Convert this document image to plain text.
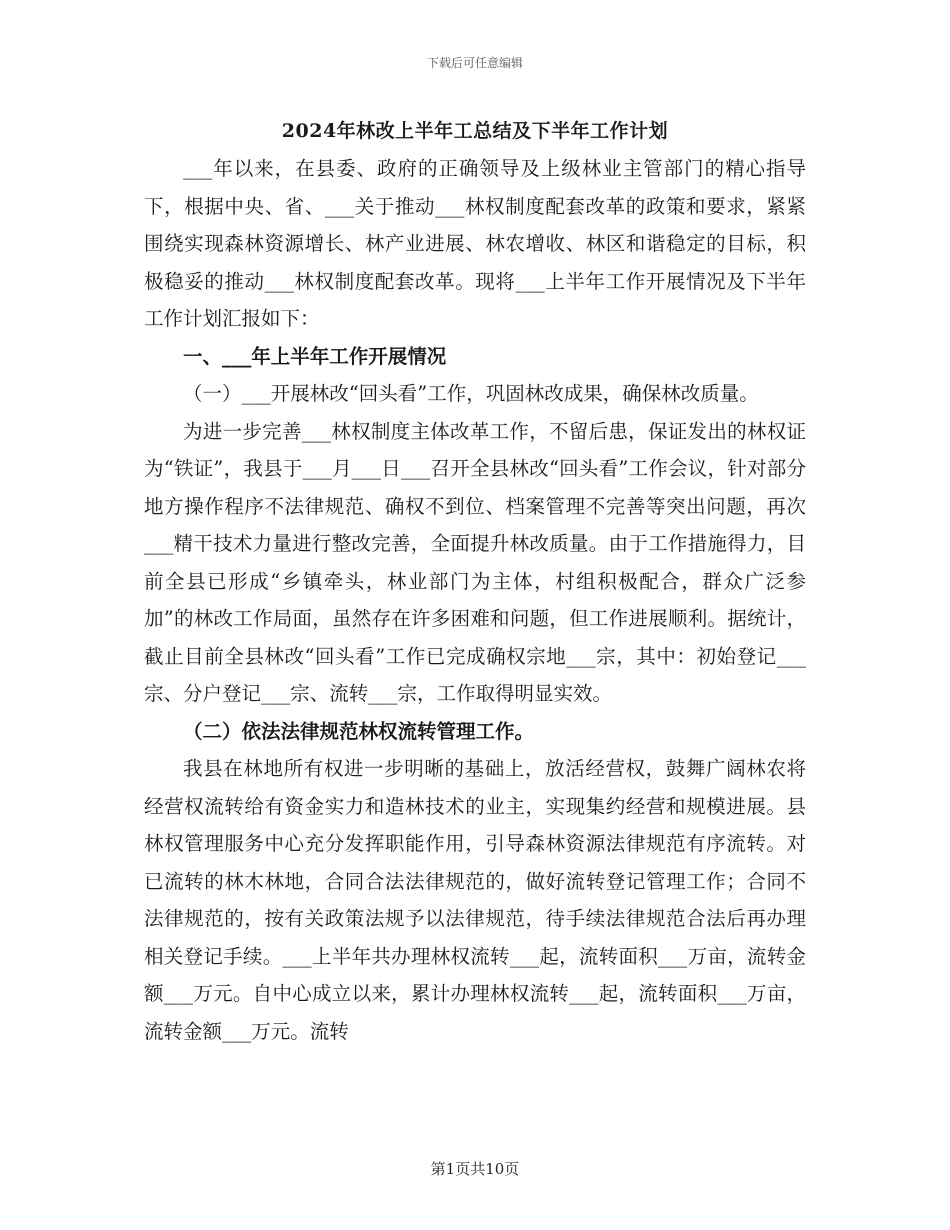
下载后可任意编辑
2024年林改上半年工总结及下半年工作计划

___年以来，在县委、政府的正确领导及上级林业主管部门的精心指导下，根据中央、省、___关于推动___林权制度配套改革的政策和要求，紧紧围绕实现森林资源增长、林产业进展、林农增收、林区和谐稳定的目标，积极稳妥的推动___林权制度配套改革。现将___上半年工作开展情况及下半年工作计划汇报如下：

一、___年上半年工作开展情况

（一）___开展林改“回头看”工作，巩固林改成果，确保林改质量。

为进一步完善___林权制度主体改革工作，不留后患，保证发出的林权证为“铁证”，我县于___月___日___召开全县林改“回头看”工作会议，针对部分地方操作程序不法律规范、确权不到位、档案管理不完善等突出问题，再次___精干技术力量进行整改完善，全面提升林改质量。由于工作措施得力，目前全县已形成“乡镇牵头，林业部门为主体，村组积极配合，群众广泛参加”的林改工作局面，虽然存在许多困难和问题，但工作进展顺利。据统计，截止目前全县林改“回头看”工作已完成确权宗地___宗，其中：初始登记___宗、分户登记___宗、流转___宗，工作取得明显实效。

（二）依法法律规范林权流转管理工作。

我县在林地所有权进一步明晰的基础上，放活经营权，鼓舞广阔林农将经营权流转给有资金实力和造林技术的业主，实现集约经营和规模进展。县林权管理服务中心充分发挥职能作用，引导森林资源法律规范有序流转。对已流转的林木林地，合同合法法律规范的，做好流转登记管理工作；合同不法律规范的，按有关政策法规予以法律规范，待手续法律规范合法后再办理相关登记手续。___上半年共办理林权流转___起，流转面积___万亩，流转金额___万元。自中心成立以来，累计办理林权流转___起，流转面积___万亩，流转金额___万元。流转

第1页共10页
